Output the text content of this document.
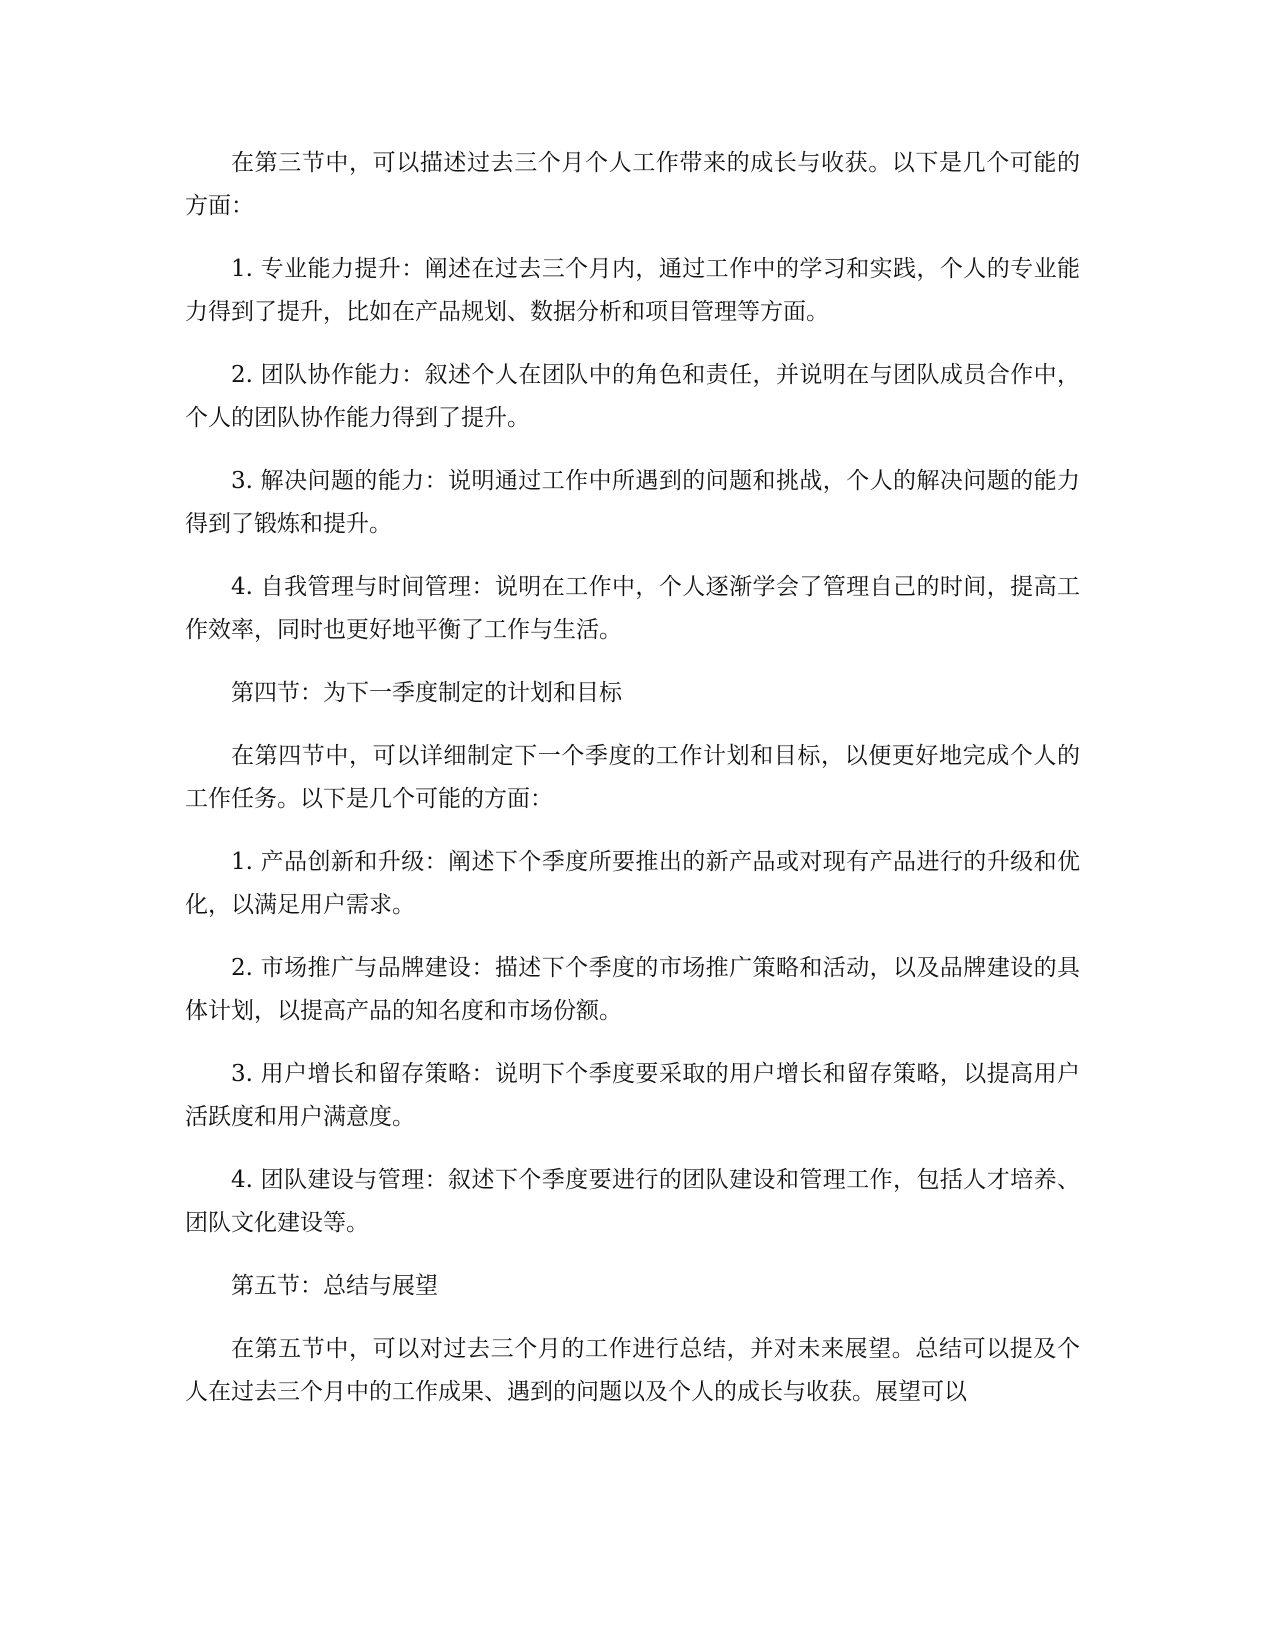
在第三节中，可以描述过去三个月个人工作带来的成长与收获。以下是几个可能的方面：

1. 专业能力提升：阐述在过去三个月内，通过工作中的学习和实践，个人的专业能力得到了提升，比如在产品规划、数据分析和项目管理等方面。

2. 团队协作能力：叙述个人在团队中的角色和责任，并说明在与团队成员合作中，个人的团队协作能力得到了提升。

3. 解决问题的能力：说明通过工作中所遇到的问题和挑战，个人的解决问题的能力得到了锻炼和提升。

4. 自我管理与时间管理：说明在工作中，个人逐渐学会了管理自己的时间，提高工作效率，同时也更好地平衡了工作与生活。

第四节：为下一季度制定的计划和目标

在第四节中，可以详细制定下一个季度的工作计划和目标，以便更好地完成个人的工作任务。以下是几个可能的方面：

1. 产品创新和升级：阐述下个季度所要推出的新产品或对现有产品进行的升级和优化，以满足用户需求。

2. 市场推广与品牌建设：描述下个季度的市场推广策略和活动，以及品牌建设的具体计划，以提高产品的知名度和市场份额。

3. 用户增长和留存策略：说明下个季度要采取的用户增长和留存策略，以提高用户活跃度和用户满意度。

4. 团队建设与管理：叙述下个季度要进行的团队建设和管理工作，包括人才培养、团队文化建设等。

第五节：总结与展望

在第五节中，可以对过去三个月的工作进行总结，并对未来展望。总结可以提及个人在过去三个月中的工作成果、遇到的问题以及个人的成长与收获。展望可以
